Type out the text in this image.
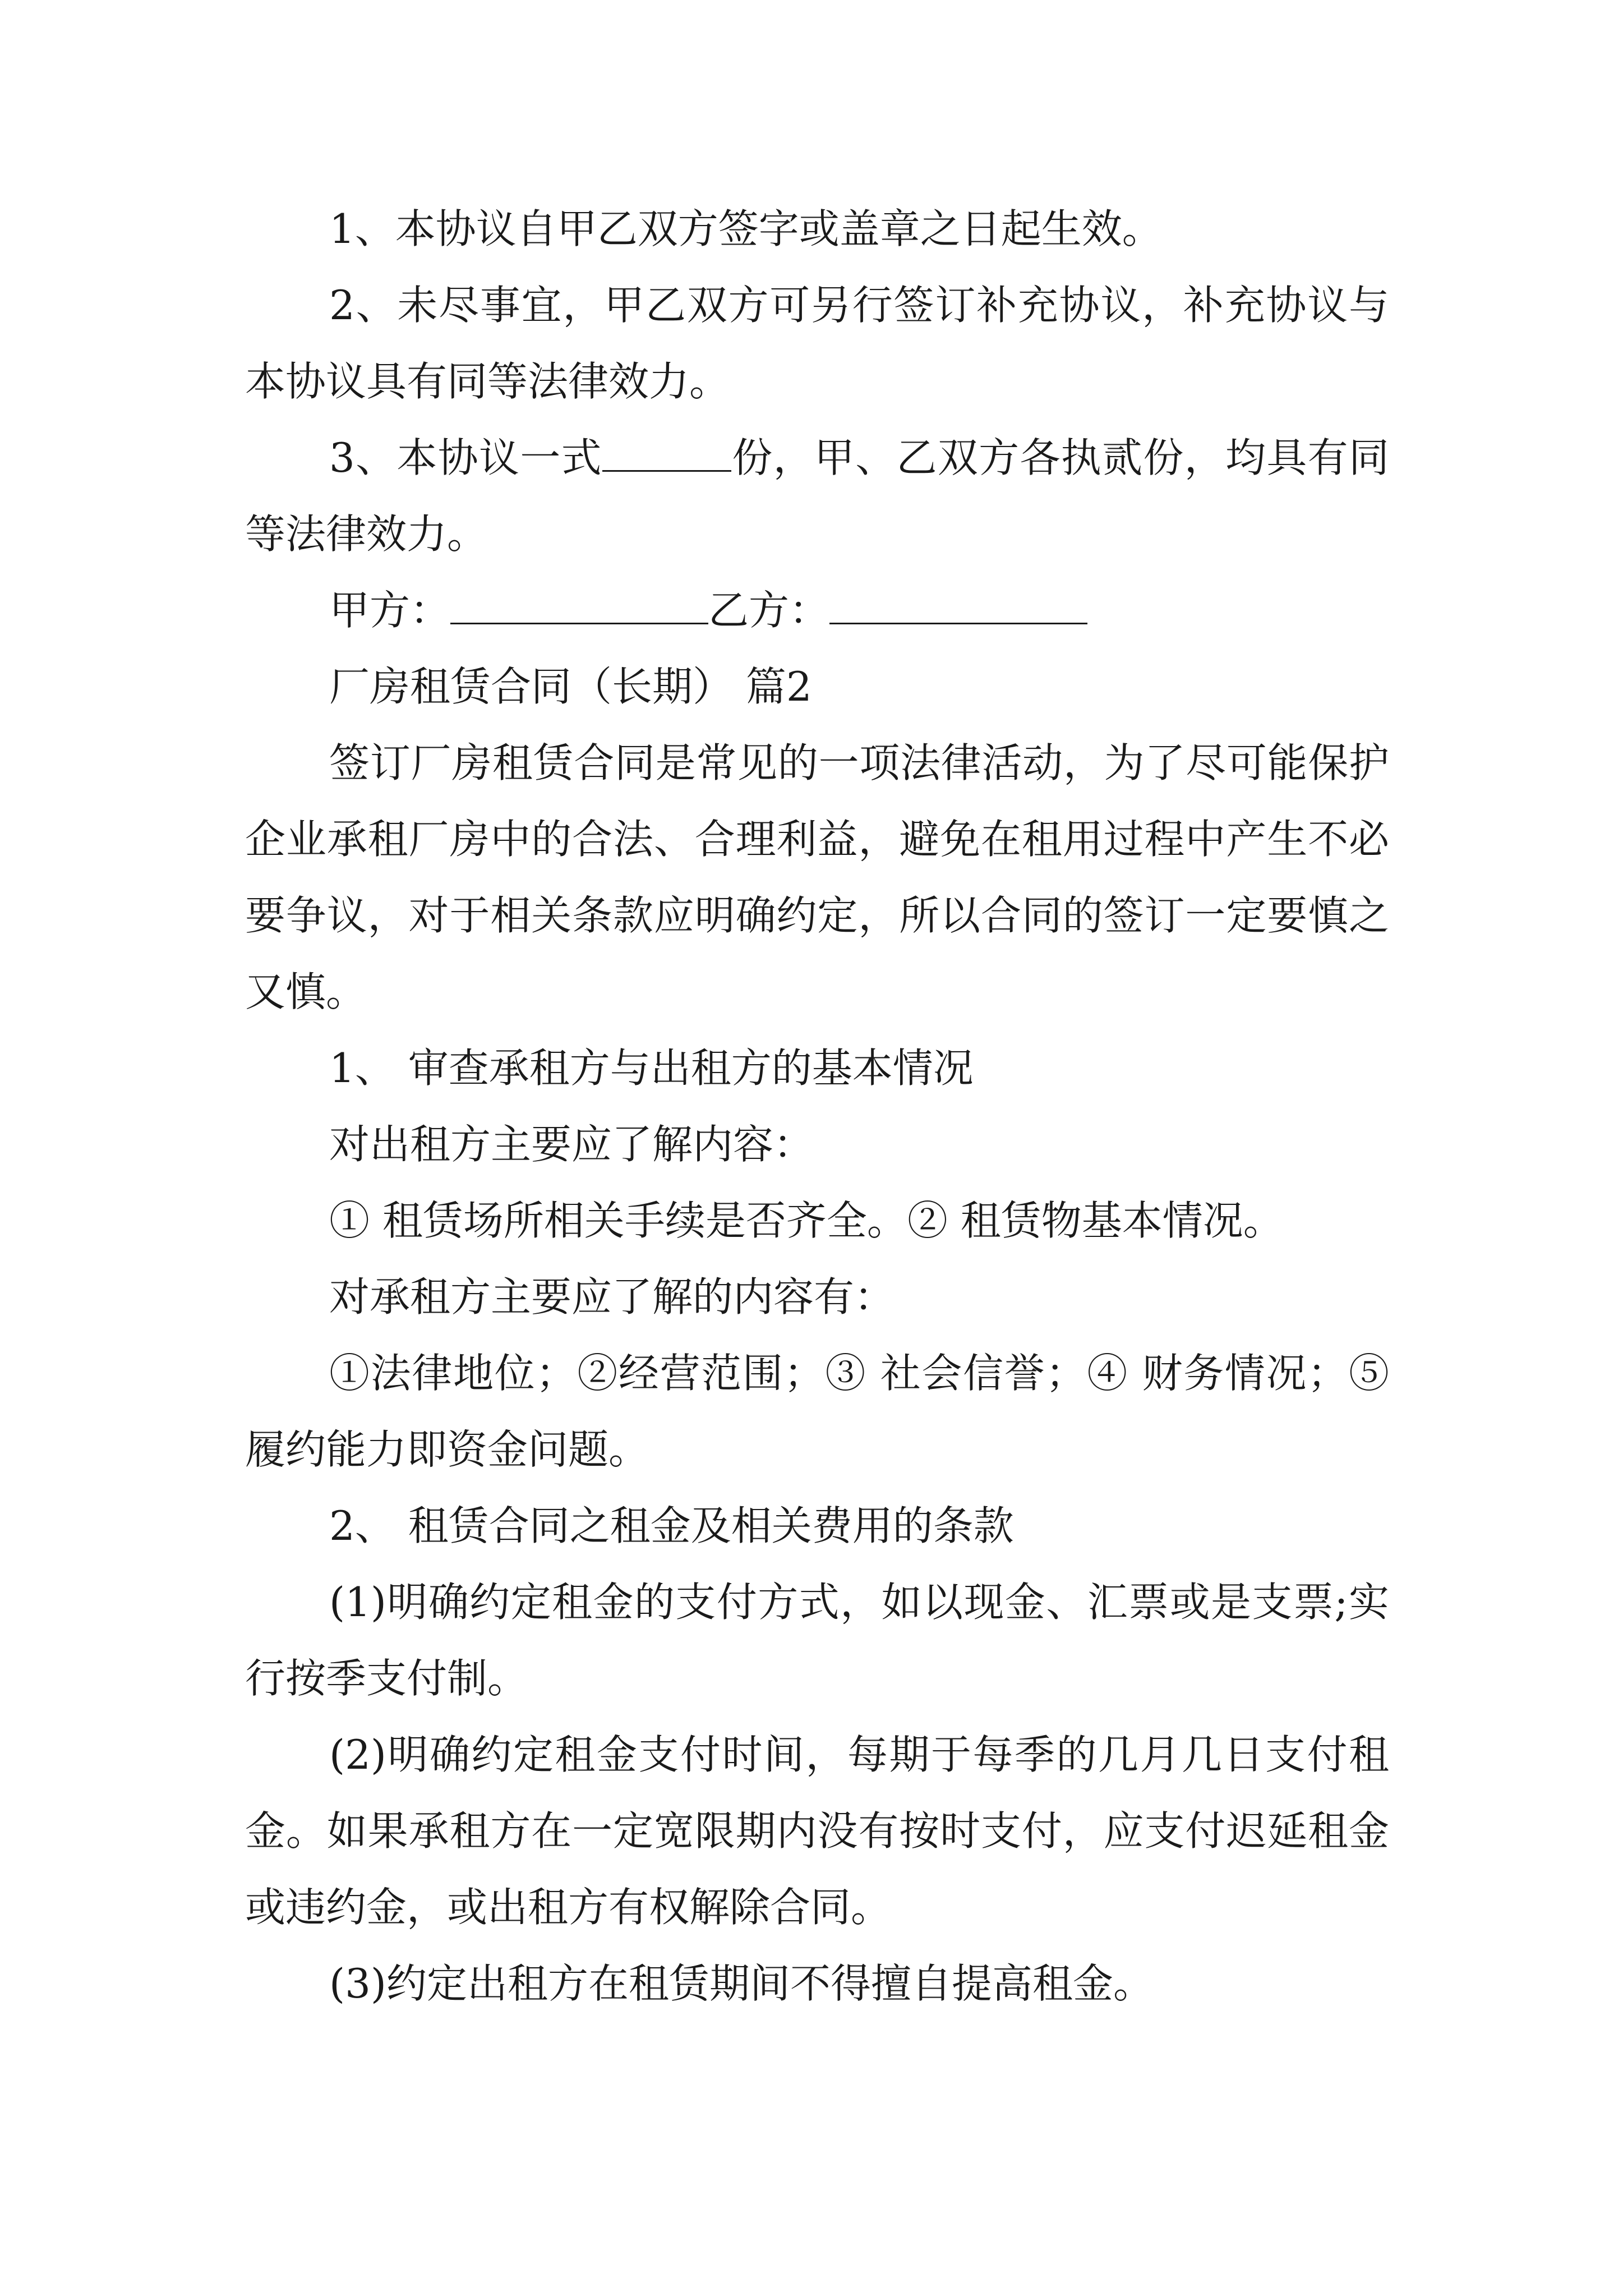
1、本协议自甲乙双方签字或盖章之日起生效。

2、未尽事宜，甲乙双方可另行签订补充协议，补充协议与本协议具有同等法律效力。

3、本协议一式	份，甲、乙双方各执贰份，均具有同等法律效力。

甲方：	乙方：

厂房租赁合同（长期） 篇2

签订厂房租赁合同是常见的一项法律活动，为了尽可能保护企业承租厂房中的合法、合理利益，避免在租用过程中产生不必要争议，对于相关条款应明确约定，所以合同的签订一定要慎之又慎。

1、 审查承租方与出租方的基本情况

对出租方主要应了解内容：

① 租赁场所相关手续是否齐全。② 租赁物基本情况。

对承租方主要应了解的内容有：

①法律地位；②经营范围；③ 社会信誉；④ 财务情况；⑤履约能力即资金问题。

2、 租赁合同之租金及相关费用的条款

(1)明确约定租金的支付方式，如以现金、汇票或是支票;实行按季支付制。

(2)明确约定租金支付时间，每期于每季的几月几日支付租金。如果承租方在一定宽限期内没有按时支付，应支付迟延租金或违约金，或出租方有权解除合同。

(3)约定出租方在租赁期间不得擅自提高租金。
